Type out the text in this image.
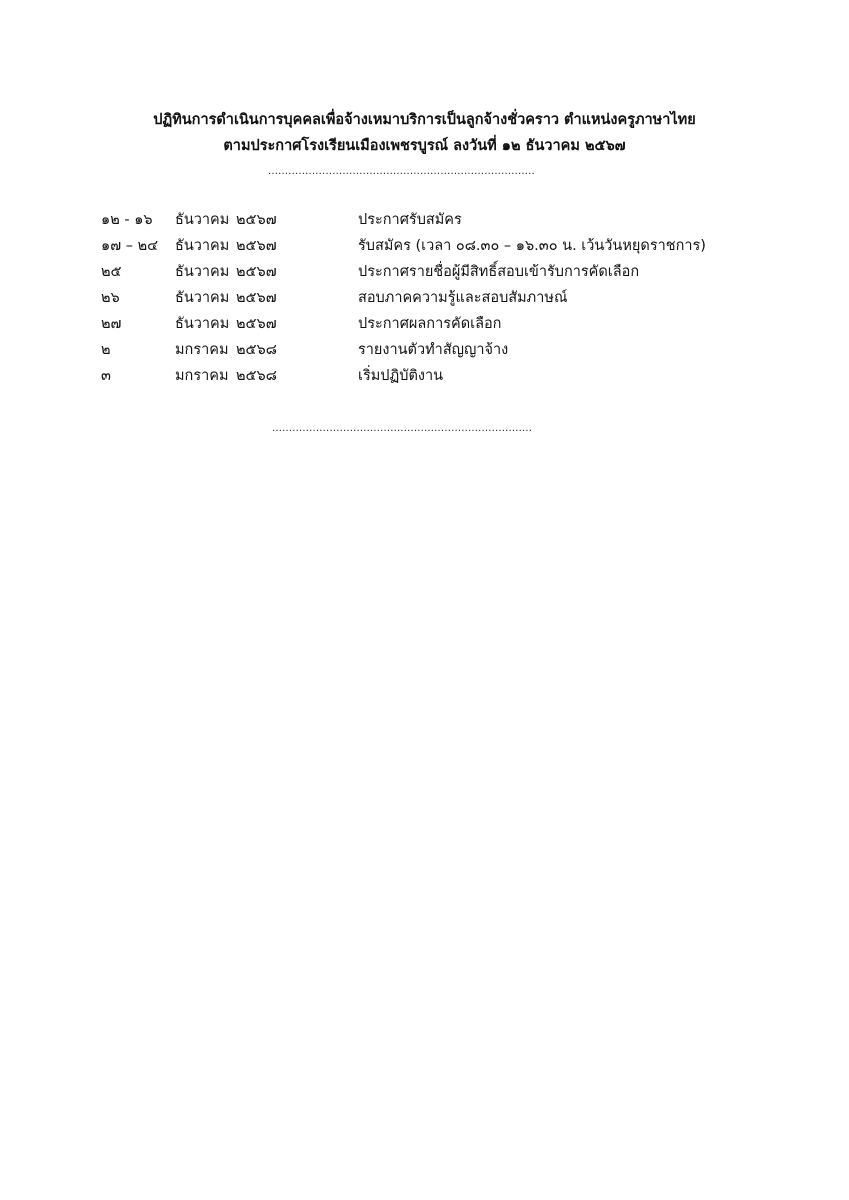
ปฏิทินการดำเนินการบุคคลเพื่อจ้างเหมาบริการเป็นลูกจ้างชั่วคราว ตำแหน่งครูภาษาไทย
ตามประกาศโรงเรียนเมืองเพชรบูรณ์ ลงวันที่ ๑๒ ธันวาคม ๒๕๖๗
...............................................................................
๑๒ - ๑๖ ธันวาคม ๒๕๖๗	ประกาศรับสมัคร
๑๗ – ๒๔ ธันวาคม ๒๕๖๗	รับสมัคร (เวลา ๐๘.๓๐ – ๑๖.๓๐ น. เว้นวันหยุดราชการ)
๒๕	ธันวาคม ๒๕๖๗	ประกาศรายชื่อผู้มีสิทธิ์สอบเข้ารับการคัดเลือก
๒๖	ธันวาคม ๒๕๖๗	สอบภาคความรู้และสอบสัมภาษณ์
๒๗	ธันวาคม ๒๕๖๗	ประกาศผลการคัดเลือก
๒	มกราคม ๒๕๖๘	รายงานตัวทำสัญญาจ้าง
๓	มกราคม ๒๕๖๘	เริ่มปฏิบัติงาน
.............................................................................
